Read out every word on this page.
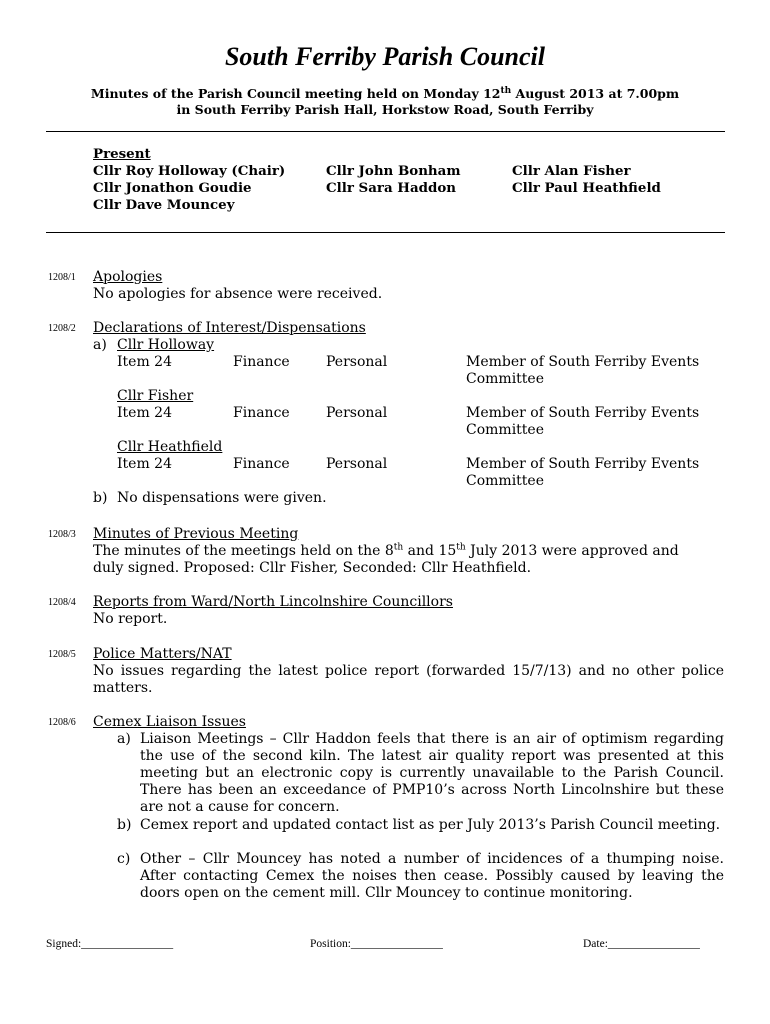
South Ferriby Parish Council
Minutes of the Parish Council meeting held on Monday 12th August 2013 at 7.00pm
in South Ferriby Parish Hall, Horkstow Road, South Ferriby
Present
Cllr Roy Holloway (Chair)	Cllr John Bonham	Cllr Alan Fisher
Cllr Jonathon Goudie	Cllr Sara Haddon	Cllr Paul Heathfield
Cllr Dave Mouncey
1208/1 Apologies
No apologies for absence were received.
1208/2 Declarations of Interest/Dispensations
a) Cllr Holloway
Item 24	Finance	Personal	Member of South Ferriby Events
Committee
Cllr Fisher
Item 24	Finance	Personal	Member of South Ferriby Events
Committee
Cllr Heathfield
Item 24	Finance	Personal	Member of South Ferriby Events
Committee
b) No dispensations were given.
1208/3 Minutes of Previous Meeting
The minutes of the meetings held on the 8th and 15th July 2013 were approved and
duly signed. Proposed: Cllr Fisher, Seconded: Cllr Heathfield.
1208/4 Reports from Ward/North Lincolnshire Councillors
No report.
1208/5 Police Matters/NAT
No issues regarding the latest police report (forwarded 15/7/13) and no other police matters.
1208/6 Cemex Liaison Issues
a) Liaison Meetings – Cllr Haddon feels that there is an air of optimism regarding the use of the second kiln. The latest air quality report was presented at this meeting but an electronic copy is currently unavailable to the Parish Council. There has been an exceedance of PMP10’s across North Lincolnshire but these are not a cause for concern.
b) Cemex report and updated contact list as per July 2013’s Parish Council meeting.
c) Other – Cllr Mouncey has noted a number of incidences of a thumping noise. After contacting Cemex the noises then cease. Possibly caused by leaving the doors open on the cement mill. Cllr Mouncey to continue monitoring.
Signed:________________	Position:________________	Date:________________
